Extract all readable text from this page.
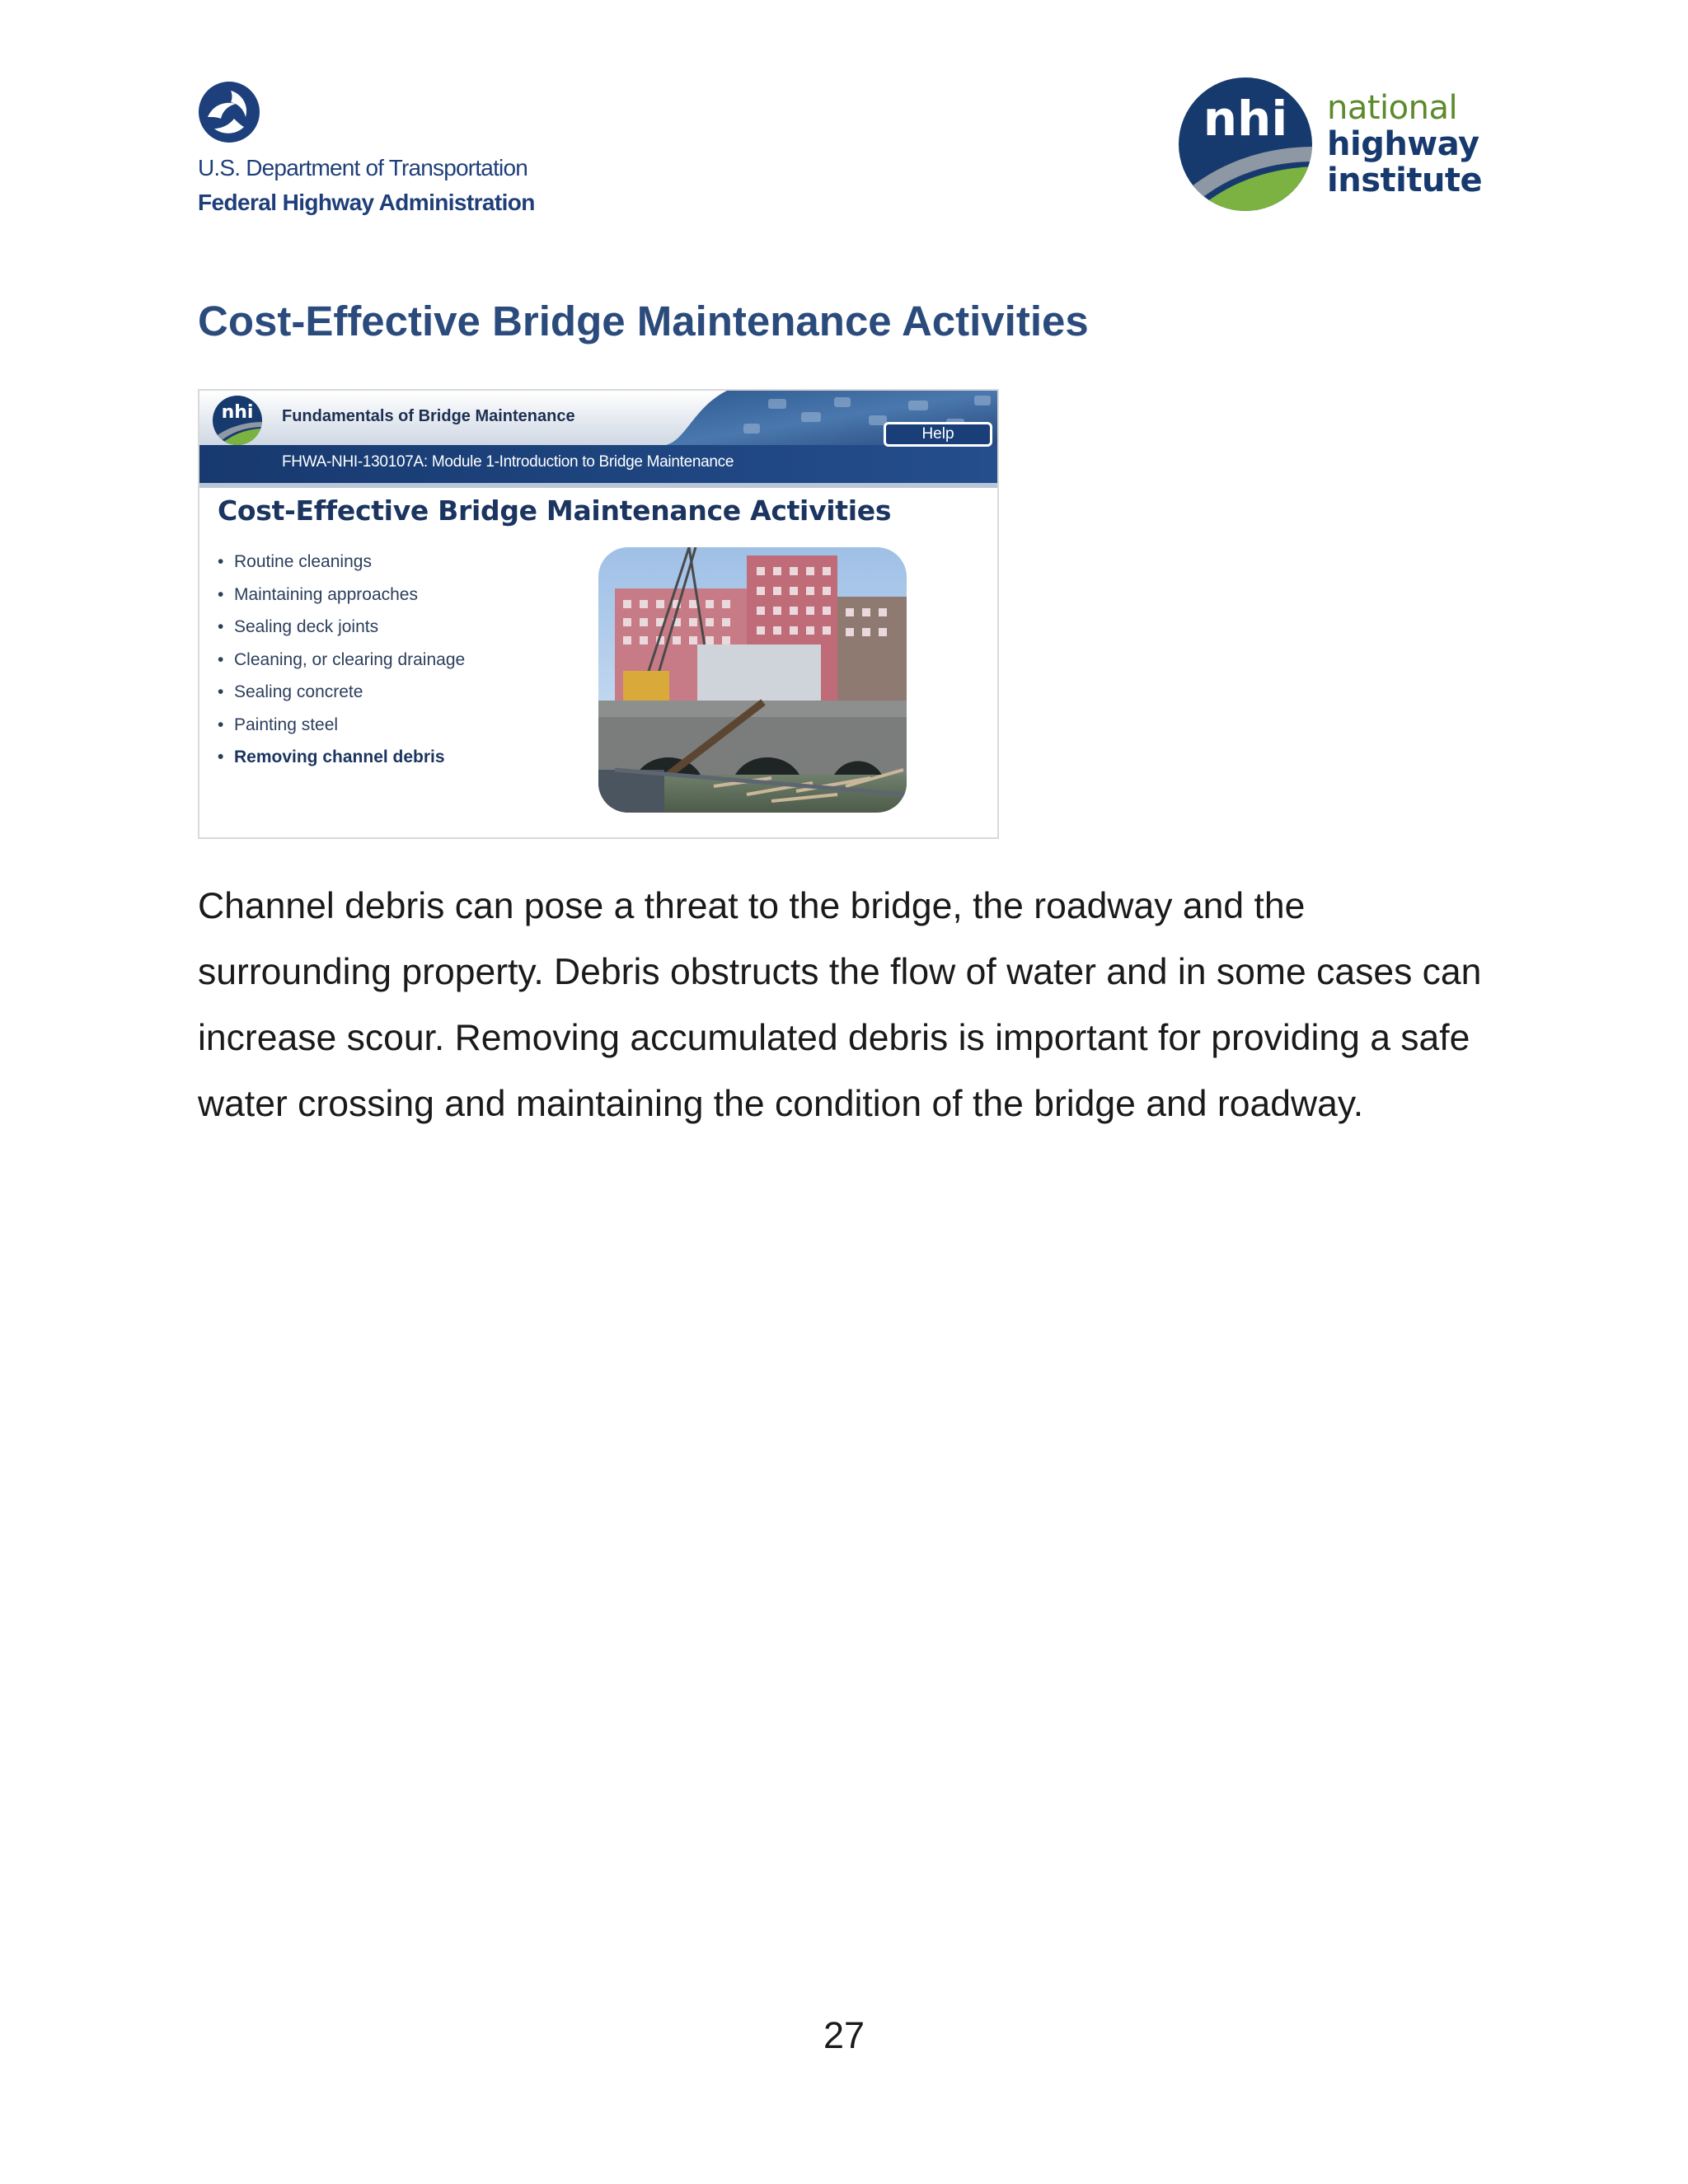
U.S. Department of Transportation
Federal Highway Administration
nhi national
highway
institute
Cost-Effective Bridge Maintenance Activities
nhi Fundamentals of Bridge Maintenance
FHWA-NHI-130107A: Module 1-Introduction to Bridge Maintenance
Help
Cost-Effective Bridge Maintenance Activities
• Routine cleanings
• Maintaining approaches
• Sealing deck joints
• Cleaning, or clearing drainage
• Sealing concrete
• Painting steel
• Removing channel debris

Channel debris can pose a threat to the bridge, the roadway and the surrounding property. Debris obstructs the flow of water and in some cases can increase scour. Removing accumulated debris is important for providing a safe water crossing and maintaining the condition of the bridge and roadway.

27
